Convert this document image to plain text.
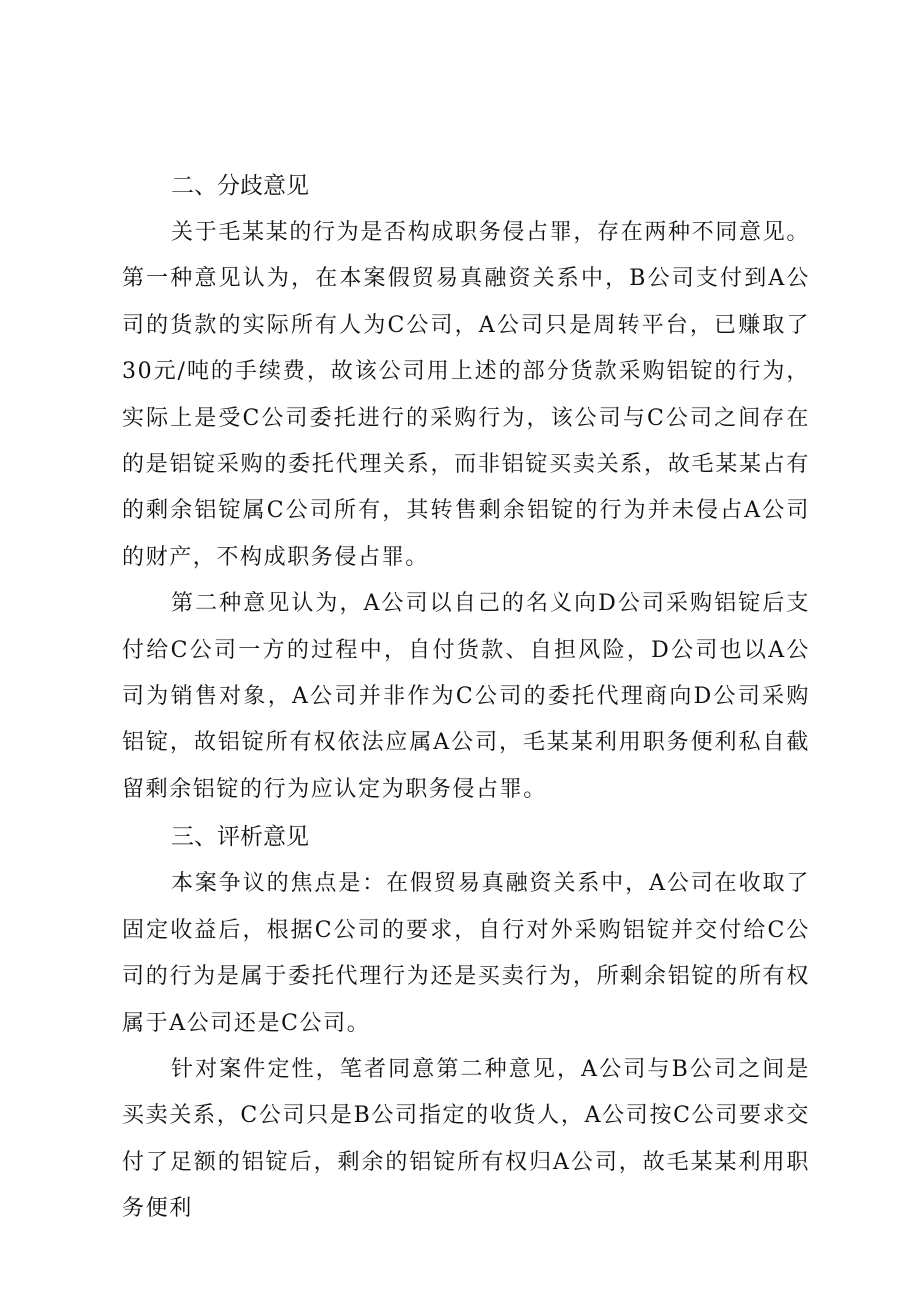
二、分歧意见

关于毛某某的行为是否构成职务侵占罪，存在两种不同意见。第一种意见认为，在本案假贸易真融资关系中，B公司支付到A公司的货款的实际所有人为C公司，A公司只是周转平台，已赚取了30元/吨的手续费，故该公司用上述的部分货款采购铝锭的行为，实际上是受C公司委托进行的采购行为，该公司与C公司之间存在的是铝锭采购的委托代理关系，而非铝锭买卖关系，故毛某某占有的剩余铝锭属C公司所有，其转售剩余铝锭的行为并未侵占A公司的财产，不构成职务侵占罪。

第二种意见认为，A公司以自己的名义向D公司采购铝锭后支付给C公司一方的过程中，自付货款、自担风险，D公司也以A公司为销售对象，A公司并非作为C公司的委托代理商向D公司采购铝锭，故铝锭所有权依法应属A公司，毛某某利用职务便利私自截留剩余铝锭的行为应认定为职务侵占罪。

三、评析意见

本案争议的焦点是：在假贸易真融资关系中，A公司在收取了固定收益后，根据C公司的要求，自行对外采购铝锭并交付给C公司的行为是属于委托代理行为还是买卖行为，所剩余铝锭的所有权属于A公司还是C公司。

针对案件定性，笔者同意第二种意见，A公司与B公司之间是买卖关系，C公司只是B公司指定的收货人，A公司按C公司要求交付了足额的铝锭后，剩余的铝锭所有权归A公司，故毛某某利用职务便利
